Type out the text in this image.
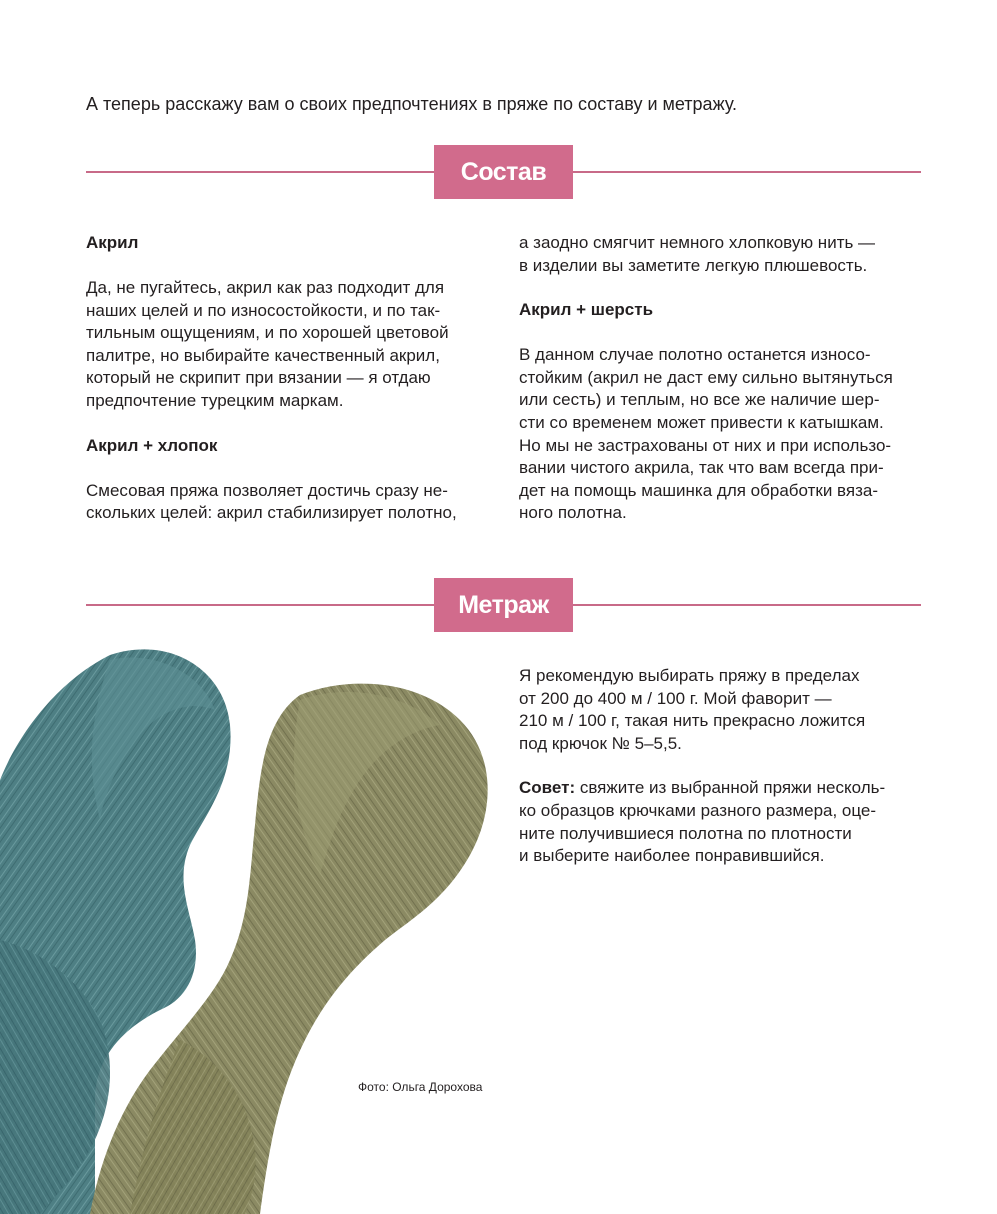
А теперь расскажу вам о своих предпочтениях в пряже по составу и метражу.
Состав
Акрил

Да, не пугайтесь, акрил как раз подходит для
наших целей и по износостойкости, и по так-
тильным ощущениям, и по хорошей цветовой
палитре, но выбирайте качественный акрил,
который не скрипит при вязании — я отдаю
предпочтение турецким маркам.

Акрил + хлопок

Смесовая пряжа позволяет достичь сразу не-
скольких целей: акрил стабилизирует полотно,

а заодно смягчит немного хлопковую нить —
в изделии вы заметите легкую плюшевость.

Акрил + шерсть

В данном случае полотно останется износо-
стойким (акрил не даст ему сильно вытянуться
или сесть) и теплым, но все же наличие шер-
сти со временем может привести к катышкам.
Но мы не застрахованы от них и при использо-
вании чистого акрила, так что вам всегда при-
дет на помощь машинка для обработки вяза-
ного полотна.

Метраж

Я рекомендую выбирать пряжу в пределах
от 200 до 400 м / 100 г. Мой фаворит —
210 м / 100 г, такая нить прекрасно ложится
под крючок № 5–5,5.

Совет: свяжите из выбранной пряжи несколь-
ко образцов крючками разного размера, оце-
ните получившиеся полотна по плотности
и выберите наиболее понравившийся.

Фото: Ольга Дорохова
